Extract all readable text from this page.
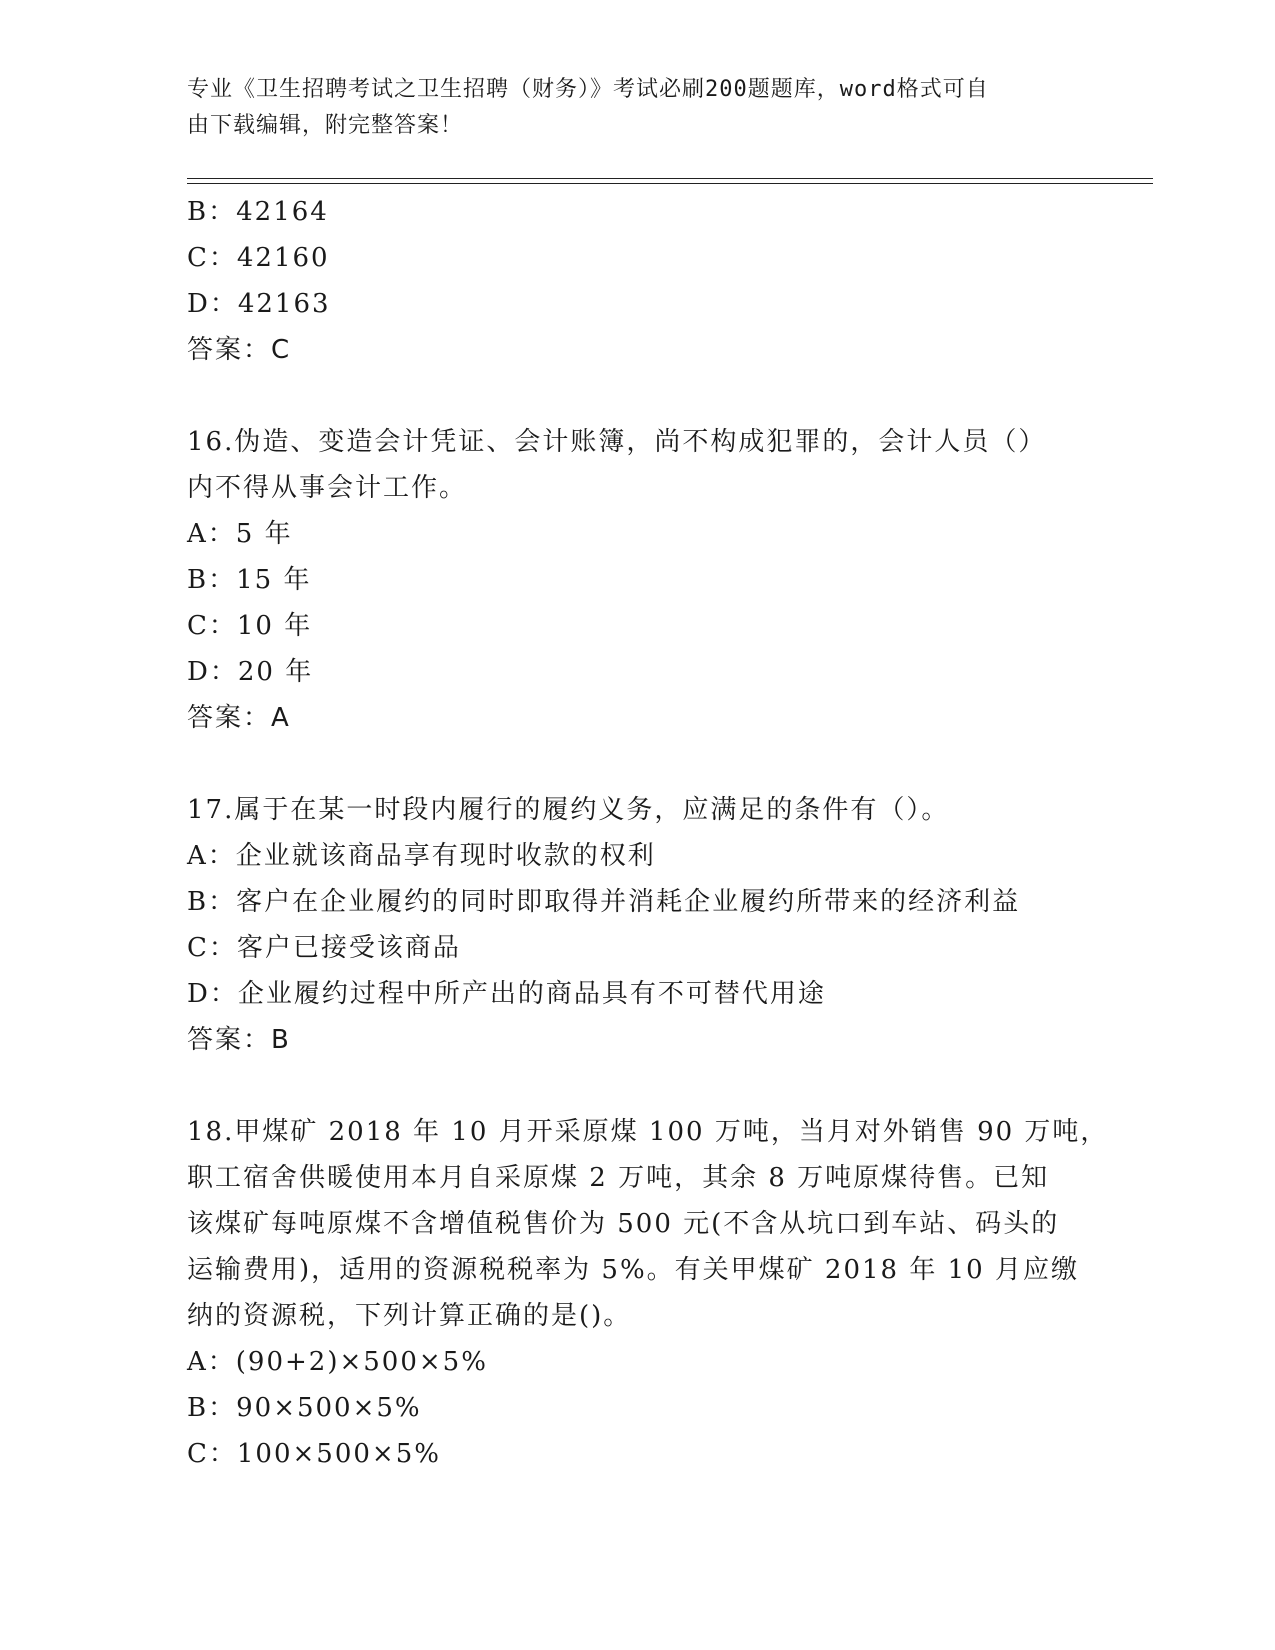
专业《卫生招聘考试之卫生招聘（财务）》考试必刷200题题库，word格式可自
由下载编辑，附完整答案！
B：42164
C：42160
D：42163
答案：C
16.伪造、变造会计凭证、会计账簿，尚不构成犯罪的，会计人员（）
内不得从事会计工作。
A：5 年
B：15 年
C：10 年
D：20 年
答案：A
17.属于在某一时段内履行的履约义务，应满足的条件有（）。
A：企业就该商品享有现时收款的权利
B：客户在企业履约的同时即取得并消耗企业履约所带来的经济利益
C：客户已接受该商品
D：企业履约过程中所产出的商品具有不可替代用途
答案：B
18.甲煤矿 2018 年 10 月开采原煤 100 万吨，当月对外销售 90 万吨，
职工宿舍供暖使用本月自采原煤 2 万吨，其余 8 万吨原煤待售。已知
该煤矿每吨原煤不含增值税售价为 500 元(不含从坑口到车站、码头的
运输费用)，适用的资源税税率为 5%。有关甲煤矿 2018 年 10 月应缴
纳的资源税，下列计算正确的是()。
A：(90+2)×500×5%
B：90×500×5%
C：100×500×5%
